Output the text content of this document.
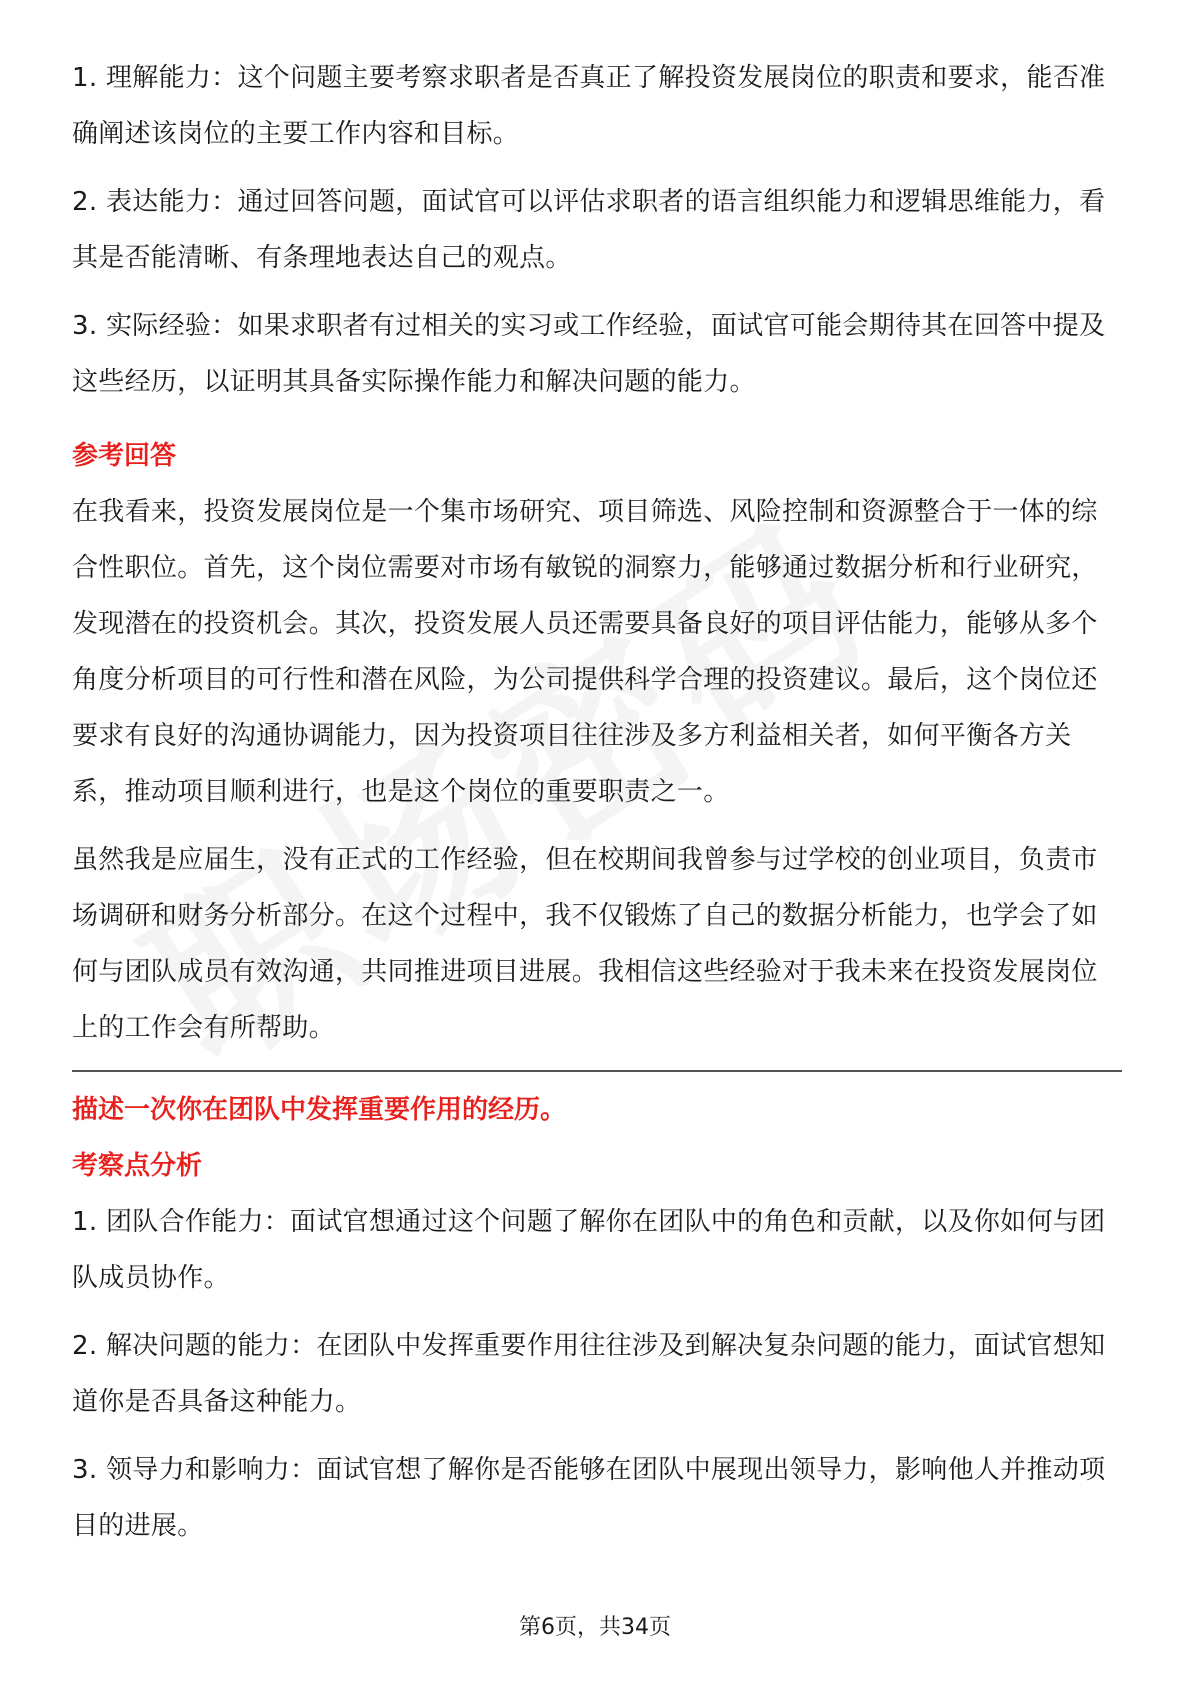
1. 理解能力：这个问题主要考察求职者是否真正了解投资发展岗位的职责和要求，能否准确阐述该岗位的主要工作内容和目标。

2. 表达能力：通过回答问题，面试官可以评估求职者的语言组织能力和逻辑思维能力，看其是否能清晰、有条理地表达自己的观点。

3. 实际经验：如果求职者有过相关的实习或工作经验，面试官可能会期待其在回答中提及这些经历，以证明其具备实际操作能力和解决问题的能力。

参考回答

在我看来，投资发展岗位是一个集市场研究、项目筛选、风险控制和资源整合于一体的综合性职位。首先，这个岗位需要对市场有敏锐的洞察力，能够通过数据分析和行业研究，发现潜在的投资机会。其次，投资发展人员还需要具备良好的项目评估能力，能够从多个角度分析项目的可行性和潜在风险，为公司提供科学合理的投资建议。最后，这个岗位还要求有良好的沟通协调能力，因为投资项目往往涉及多方利益相关者，如何平衡各方关系，推动项目顺利进行，也是这个岗位的重要职责之一。

虽然我是应届生，没有正式的工作经验，但在校期间我曾参与过学校的创业项目，负责市场调研和财务分析部分。在这个过程中，我不仅锻炼了自己的数据分析能力，也学会了如何与团队成员有效沟通，共同推进项目进展。我相信这些经验对于我未来在投资发展岗位上的工作会有所帮助。

描述一次你在团队中发挥重要作用的经历。

考察点分析

1. 团队合作能力：面试官想通过这个问题了解你在团队中的角色和贡献，以及你如何与团队成员协作。

2. 解决问题的能力：在团队中发挥重要作用往往涉及到解决复杂问题的能力，面试官想知道你是否具备这种能力。

3. 领导力和影响力：面试官想了解你是否能够在团队中展现出领导力，影响他人并推动项目的进展。

第6页，共34页
